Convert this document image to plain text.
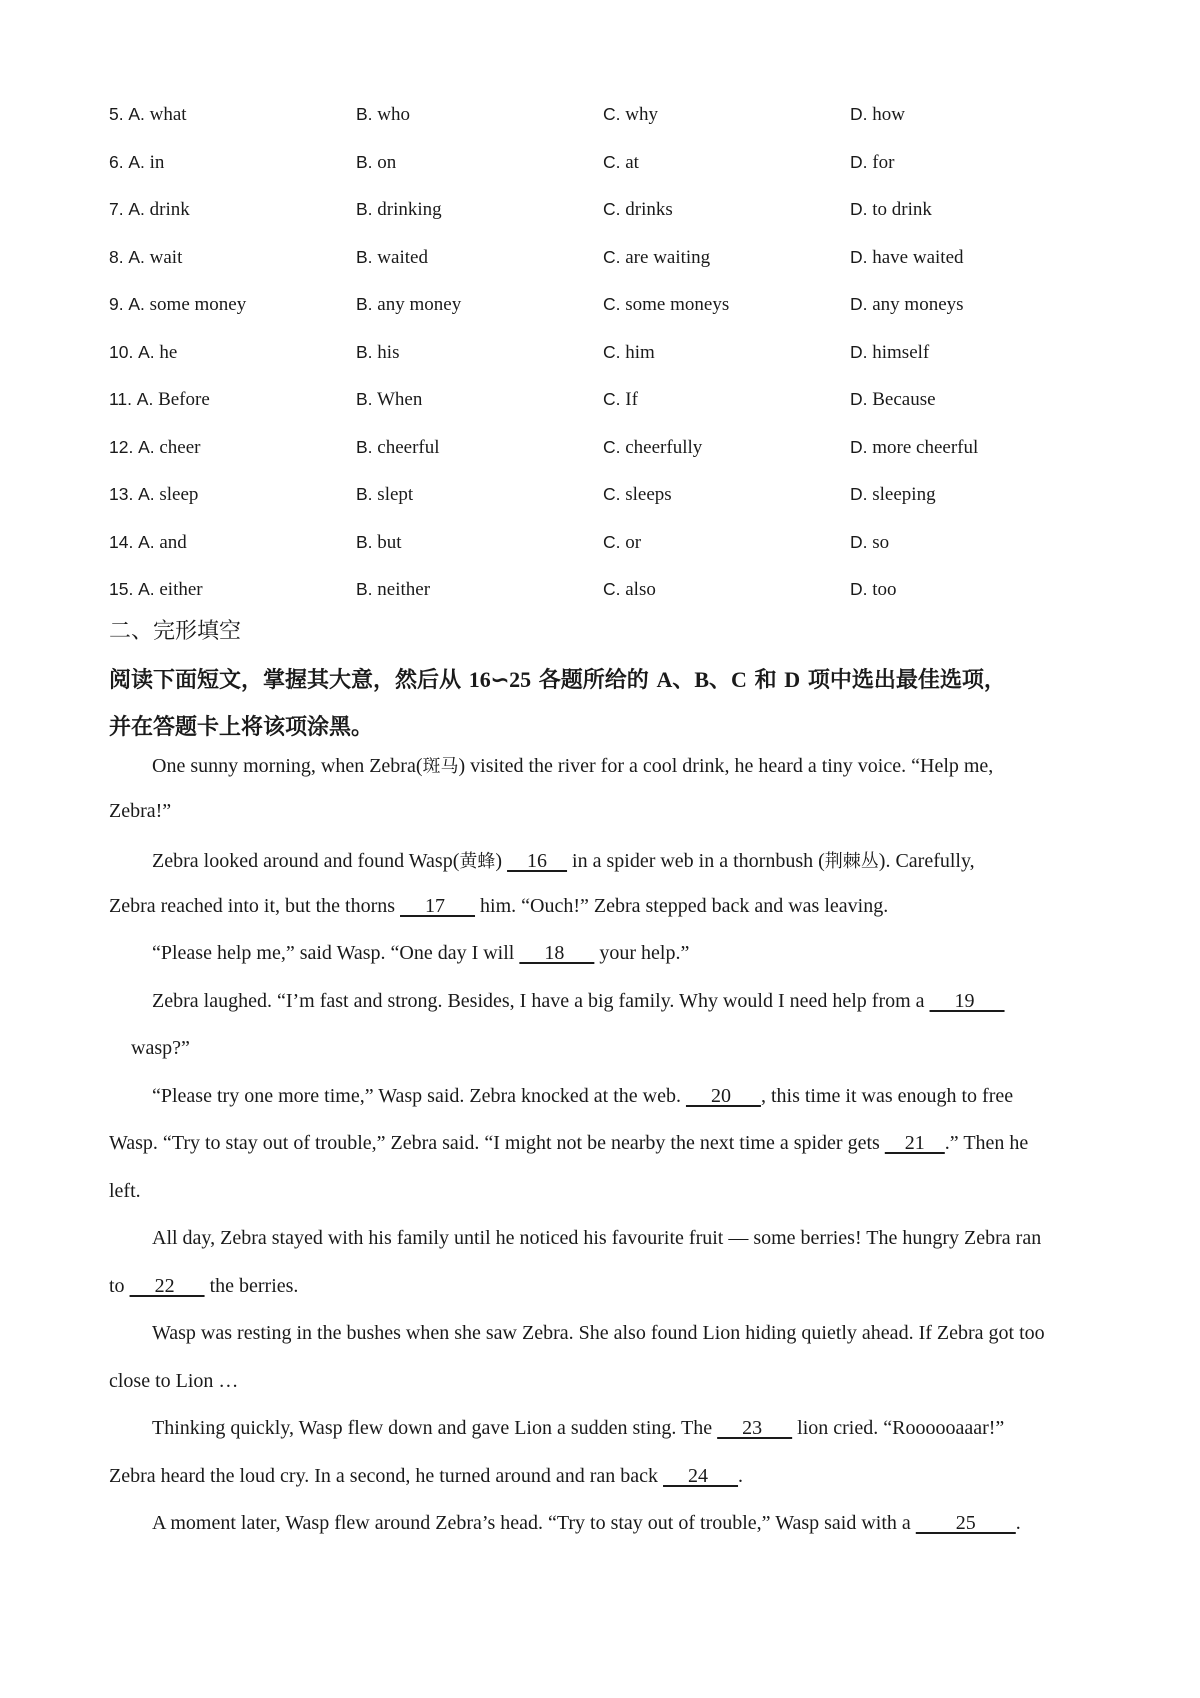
5. A. what	B. who	C. why	D. how
6. A. in	B. on	C. at	D. for
7. A. drink	B. drinking	C. drinks	D. to drink
8. A. wait	B. waited	C. are waiting	D. have waited
9. A. some money	B. any money	C. some moneys	D. any moneys
10. A. he	B. his	C. him	D. himself
11. A. Before	B. When	C. If	D. Because
12. A. cheer	B. cheerful	C. cheerfully	D. more cheerful
13. A. sleep	B. slept	C. sleeps	D. sleeping
14. A. and	B. but	C. or	D. so
15. A. either	B. neither	C. also	D. too
二、完形填空
阅读下面短文，掌握其大意，然后从 16∽25 各题所给的 A、B、C 和 D 项中选出最佳选项，
并在答题卡上将该项涂黑。
One sunny morning, when Zebra(斑马) visited the river for a cool drink, he heard a tiny voice. “Help me,
Zebra!”
Zebra looked around and found Wasp(黄蜂)     16     in a spider web in a thornbush (荆棘丛). Carefully,
Zebra reached into it, but the thorns      17       him. “Ouch!” Zebra stepped back and was leaving.
“Please help me,” said Wasp. “One day I will      18       your help.”
Zebra laughed. “I’m fast and strong. Besides, I have a big family. Why would I need help from a      19
wasp?”
“Please try one more time,” Wasp said. Zebra knocked at the web.      20      , this time it was enough to free
Wasp. “Try to stay out of trouble,” Zebra said. “I might not be nearby the next time a spider gets     21    .” Then he
left.
All day, Zebra stayed with his family until he noticed his favourite fruit — some berries! The hungry Zebra ran
to      22       the berries.
Wasp was resting in the bushes when she saw Zebra. She also found Lion hiding quietly ahead. If Zebra got too
close to Lion …
Thinking quickly, Wasp flew down and gave Lion a sudden sting. The      23       lion cried. “Roooooaaar!”
Zebra heard the loud cry. In a second, he turned around and ran back      24      .
A moment later, Wasp flew around Zebra’s head. “Try to stay out of trouble,” Wasp said with a         25        .
